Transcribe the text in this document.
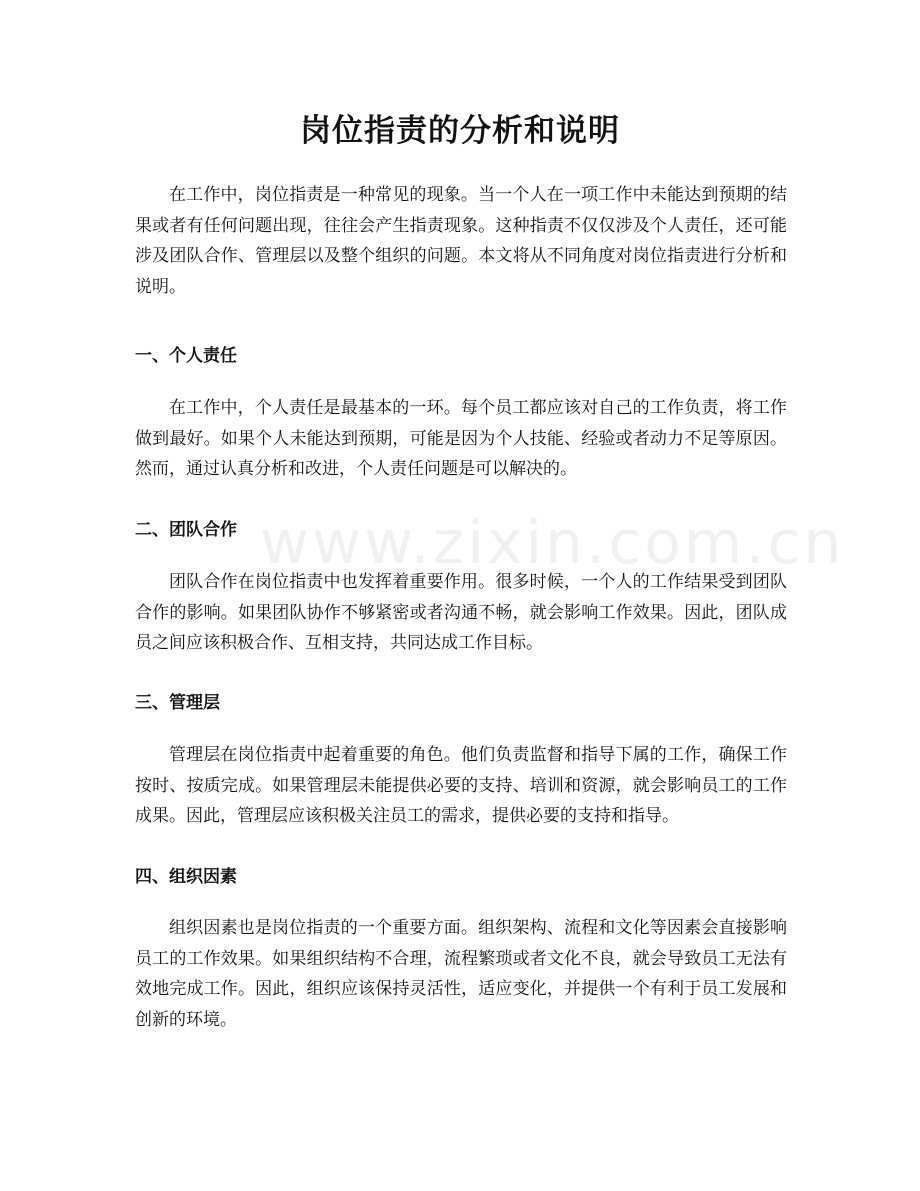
www.zixin.com.cn
岗位指责的分析和说明

在工作中，岗位指责是一种常见的现象。当一个人在一项工作中未能达到预期的结果或者有任何问题出现，往往会产生指责现象。这种指责不仅仅涉及个人责任，还可能涉及团队合作、管理层以及整个组织的问题。本文将从不同角度对岗位指责进行分析和说明。

一、个人责任

在工作中，个人责任是最基本的一环。每个员工都应该对自己的工作负责，将工作做到最好。如果个人未能达到预期，可能是因为个人技能、经验或者动力不足等原因。然而，通过认真分析和改进，个人责任问题是可以解决的。

二、团队合作

团队合作在岗位指责中也发挥着重要作用。很多时候，一个人的工作结果受到团队合作的影响。如果团队协作不够紧密或者沟通不畅，就会影响工作效果。因此，团队成员之间应该积极合作、互相支持，共同达成工作目标。

三、管理层

管理层在岗位指责中起着重要的角色。他们负责监督和指导下属的工作，确保工作按时、按质完成。如果管理层未能提供必要的支持、培训和资源，就会影响员工的工作成果。因此，管理层应该积极关注员工的需求，提供必要的支持和指导。

四、组织因素

组织因素也是岗位指责的一个重要方面。组织架构、流程和文化等因素会直接影响员工的工作效果。如果组织结构不合理，流程繁琐或者文化不良，就会导致员工无法有效地完成工作。因此，组织应该保持灵活性，适应变化，并提供一个有利于员工发展和创新的环境。
